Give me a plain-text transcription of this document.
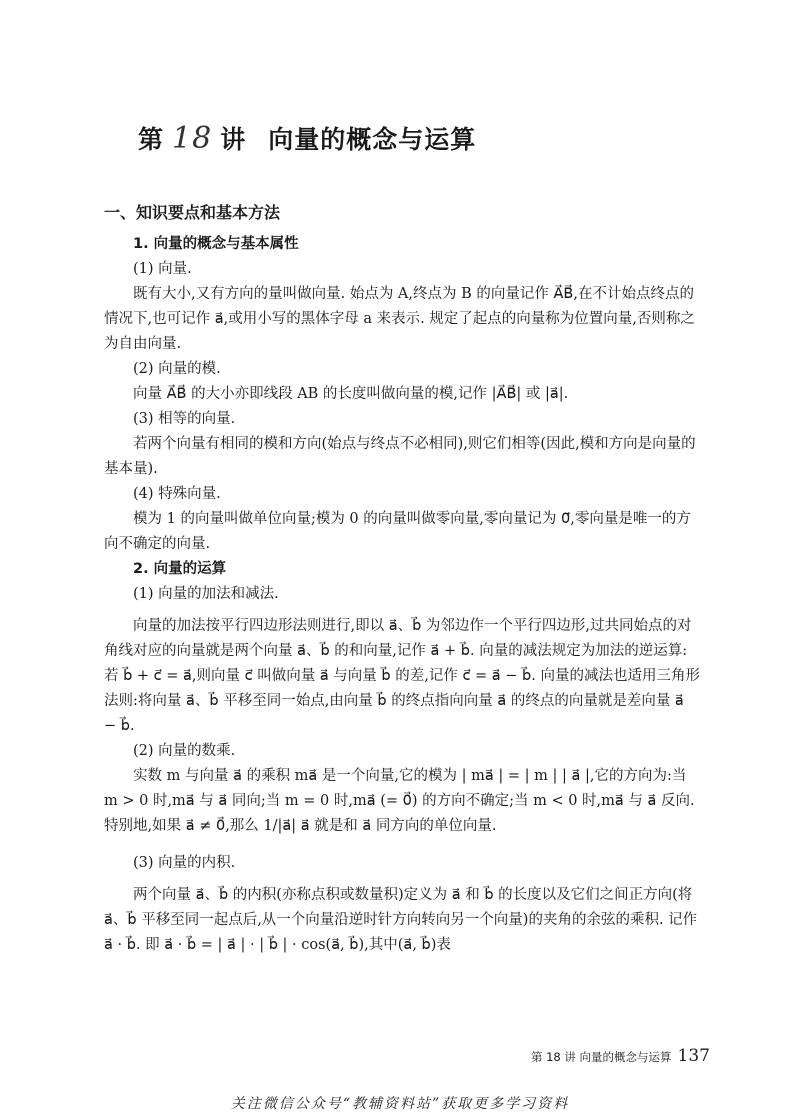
第 18 讲 向量的概念与运算
一、知识要点和基本方法

1. 向量的概念与基本属性

(1) 向量.

既有大小,又有方向的量叫做向量. 始点为 A,终点为 B 的向量记作 A⃗B⃗,在不计始点终点的情况下,也可记作 a⃗,或用小写的黑体字母 a 来表示. 规定了起点的向量称为位置向量,否则称之为自由向量.

(2) 向量的模.

向量 A⃗B⃗ 的大小亦即线段 AB 的长度叫做向量的模,记作 |A⃗B⃗| 或 |a⃗|.

(3) 相等的向量.

若两个向量有相同的模和方向(始点与终点不必相同),则它们相等(因此,模和方向是向量的基本量).

(4) 特殊向量.

模为 1 的向量叫做单位向量;模为 0 的向量叫做零向量,零向量记为 0⃗,零向量是唯一的方向不确定的向量.

2. 向量的运算

(1) 向量的加法和减法.

向量的加法按平行四边形法则进行,即以 a⃗、b⃗ 为邻边作一个平行四边形,过共同始点的对角线对应的向量就是两个向量 a⃗、b⃗ 的和向量,记作 a⃗ + b⃗. 向量的减法规定为加法的逆运算:若 b⃗ + c⃗ = a⃗,则向量 c⃗ 叫做向量 a⃗ 与向量 b⃗ 的差,记作 c⃗ = a⃗ − b⃗. 向量的减法也适用三角形法则:将向量 a⃗、b⃗ 平移至同一始点,由向量 b⃗ 的终点指向向量 a⃗ 的终点的向量就是差向量 a⃗ − b⃗.

(2) 向量的数乘.

实数 m 与向量 a⃗ 的乘积 ma⃗ 是一个向量,它的模为 | ma⃗ | = | m | | a⃗ |,它的方向为:当 m > 0 时,ma⃗ 与 a⃗ 同向;当 m = 0 时,ma⃗ (= 0⃗) 的方向不确定;当 m < 0 时,ma⃗ 与 a⃗ 反向. 特别地,如果 a⃗ ≠ 0⃗,那么 1/|a⃗| a⃗ 就是和 a⃗ 同方向的单位向量.

(3) 向量的内积.

两个向量 a⃗、b⃗ 的内积(亦称点积或数量积)定义为 a⃗ 和 b⃗ 的长度以及它们之间正方向(将 a⃗、b⃗ 平移至同一起点后,从一个向量沿逆时针方向转向另一个向量)的夹角的余弦的乘积. 记作 a⃗ · b⃗. 即 a⃗ · b⃗ = | a⃗ | · | b⃗ | · cos(a⃗, b⃗),其中(a⃗, b⃗)表

第 18 讲 向量的概念与运算 137
关注微信公众号“教辅资料站”获取更多学习资料
